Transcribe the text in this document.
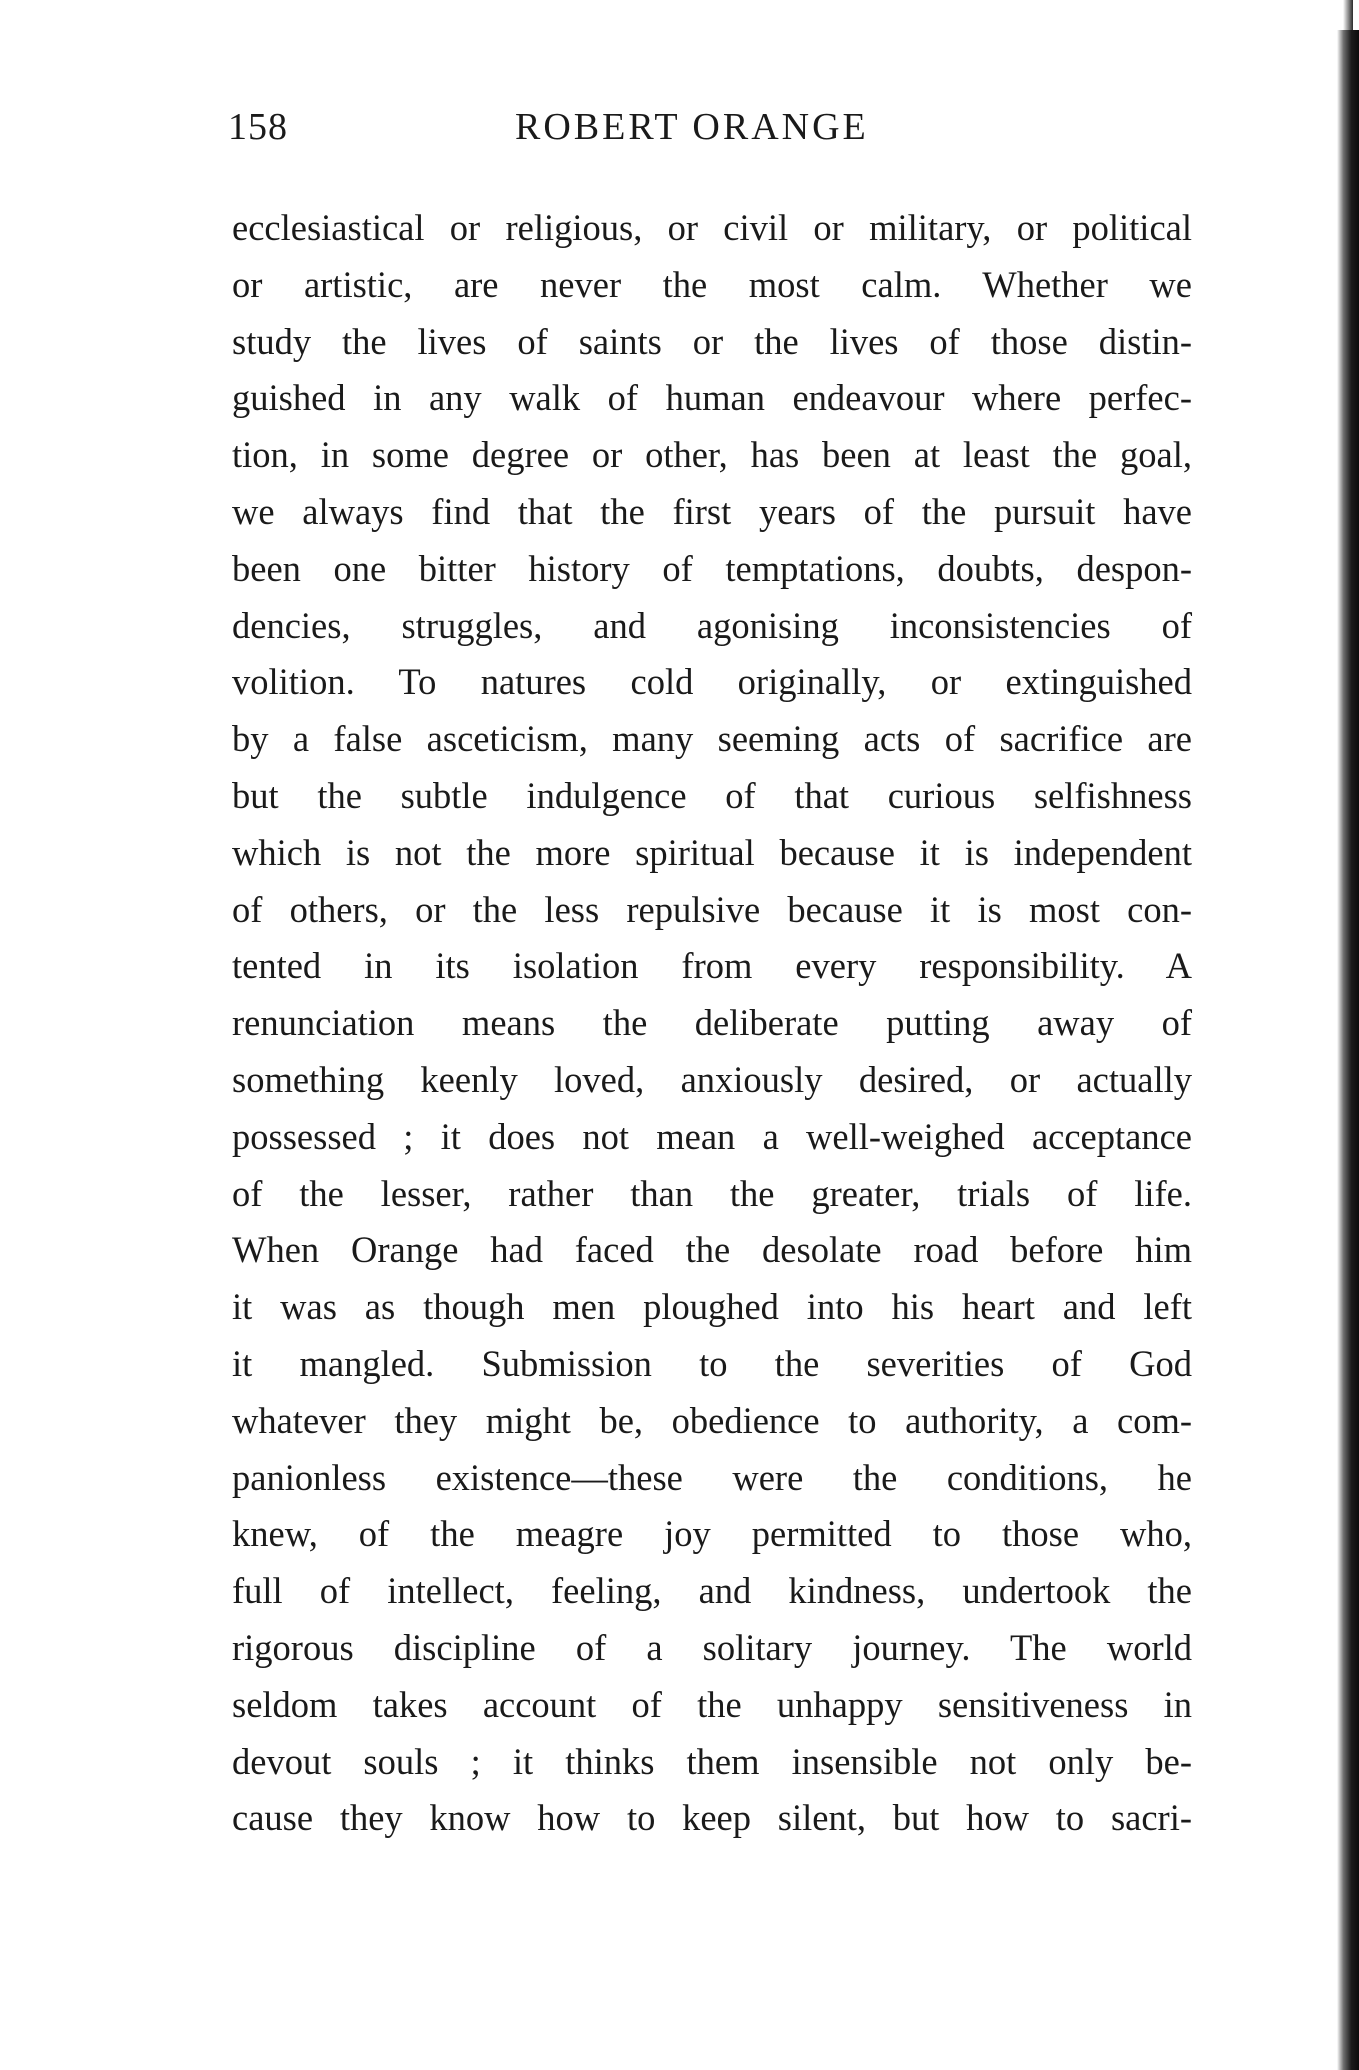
158	ROBERT ORANGE
ecclesiastical or religious, or civil or military, or political
or artistic, are never the most calm. Whether we
study the lives of saints or the lives of those distin-
guished in any walk of human endeavour where perfec-
tion, in some degree or other, has been at least the goal,
we always find that the first years of the pursuit have
been one bitter history of temptations, doubts, despon-
dencies, struggles, and agonising inconsistencies of
volition. To natures cold originally, or extinguished
by a false asceticism, many seeming acts of sacrifice are
but the subtle indulgence of that curious selfishness
which is not the more spiritual because it is independent
of others, or the less repulsive because it is most con-
tented in its isolation from every responsibility. A
renunciation means the deliberate putting away of
something keenly loved, anxiously desired, or actually
possessed ; it does not mean a well-weighed acceptance
of the lesser, rather than the greater, trials of life.
When Orange had faced the desolate road before him
it was as though men ploughed into his heart and left
it mangled. Submission to the severities of God
whatever they might be, obedience to authority, a com-
panionless existence—these were the conditions, he
knew, of the meagre joy permitted to those who,
full of intellect, feeling, and kindness, undertook the
rigorous discipline of a solitary journey. The world
seldom takes account of the unhappy sensitiveness in
devout souls ; it thinks them insensible not only be-
cause they know how to keep silent, but how to sacri-
